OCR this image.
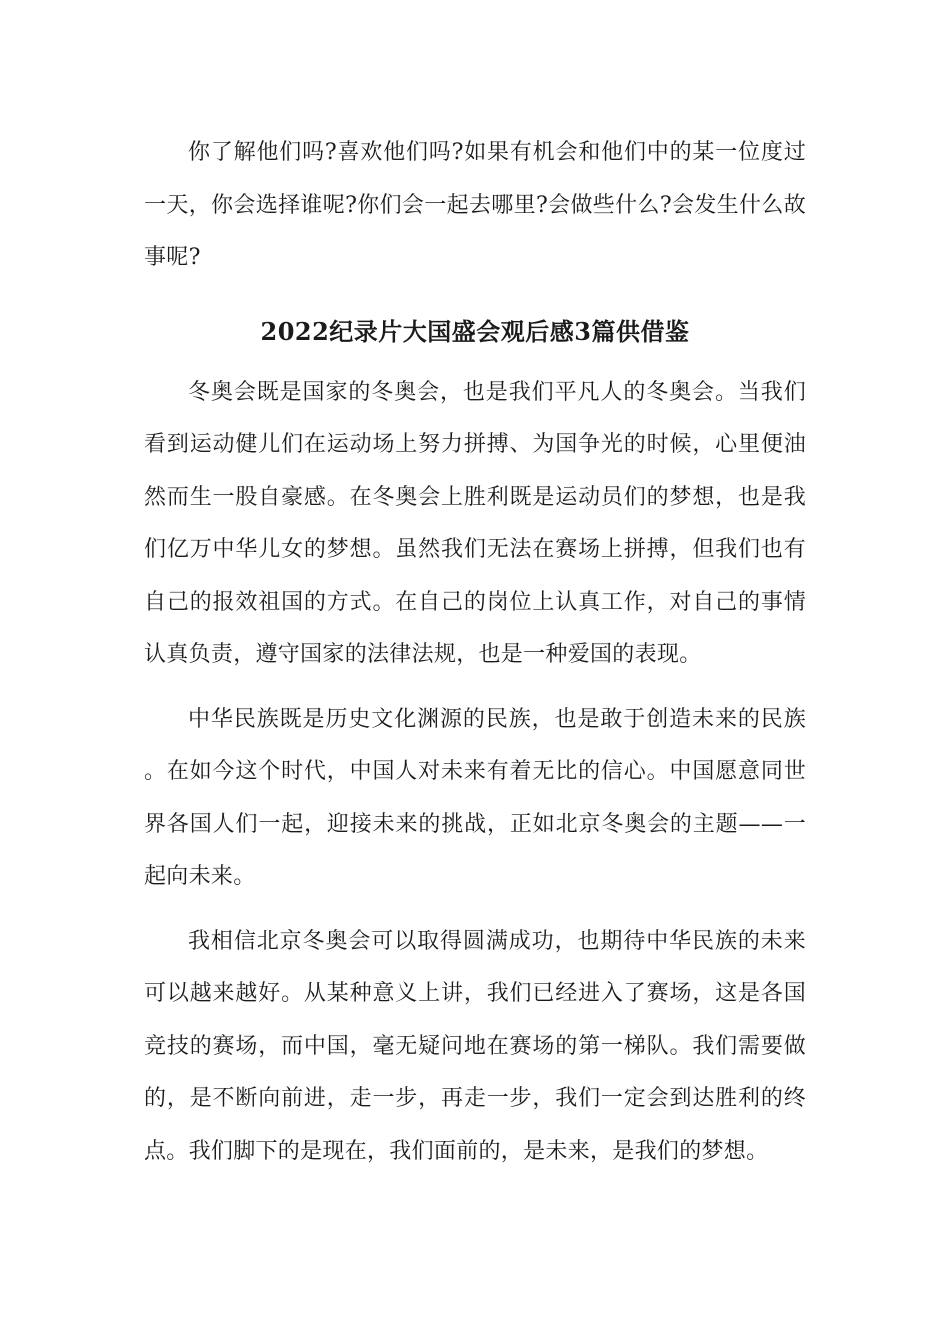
你了解他们吗?喜欢他们吗?如果有机会和他们中的某一位度过一天，你会选择谁呢?你们会一起去哪里?会做些什么?会发生什么故事呢?

2022纪录片大国盛会观后感3篇供借鉴

冬奥会既是国家的冬奥会，也是我们平凡人的冬奥会。当我们看到运动健儿们在运动场上努力拼搏、为国争光的时候，心里便油然而生一股自豪感。在冬奥会上胜利既是运动员们的梦想，也是我们亿万中华儿女的梦想。虽然我们无法在赛场上拼搏，但我们也有自己的报效祖国的方式。在自己的岗位上认真工作，对自己的事情认真负责，遵守国家的法律法规，也是一种爱国的表现。

中华民族既是历史文化渊源的民族，也是敢于创造未来的民族。在如今这个时代，中国人对未来有着无比的信心。中国愿意同世界各国人们一起，迎接未来的挑战，正如北京冬奥会的主题——一起向未来。

我相信北京冬奥会可以取得圆满成功，也期待中华民族的未来可以越来越好。从某种意义上讲，我们已经进入了赛场，这是各国竞技的赛场，而中国，毫无疑问地在赛场的第一梯队。我们需要做的，是不断向前进，走一步，再走一步，我们一定会到达胜利的终点。我们脚下的是现在，我们面前的，是未来，是我们的梦想。
